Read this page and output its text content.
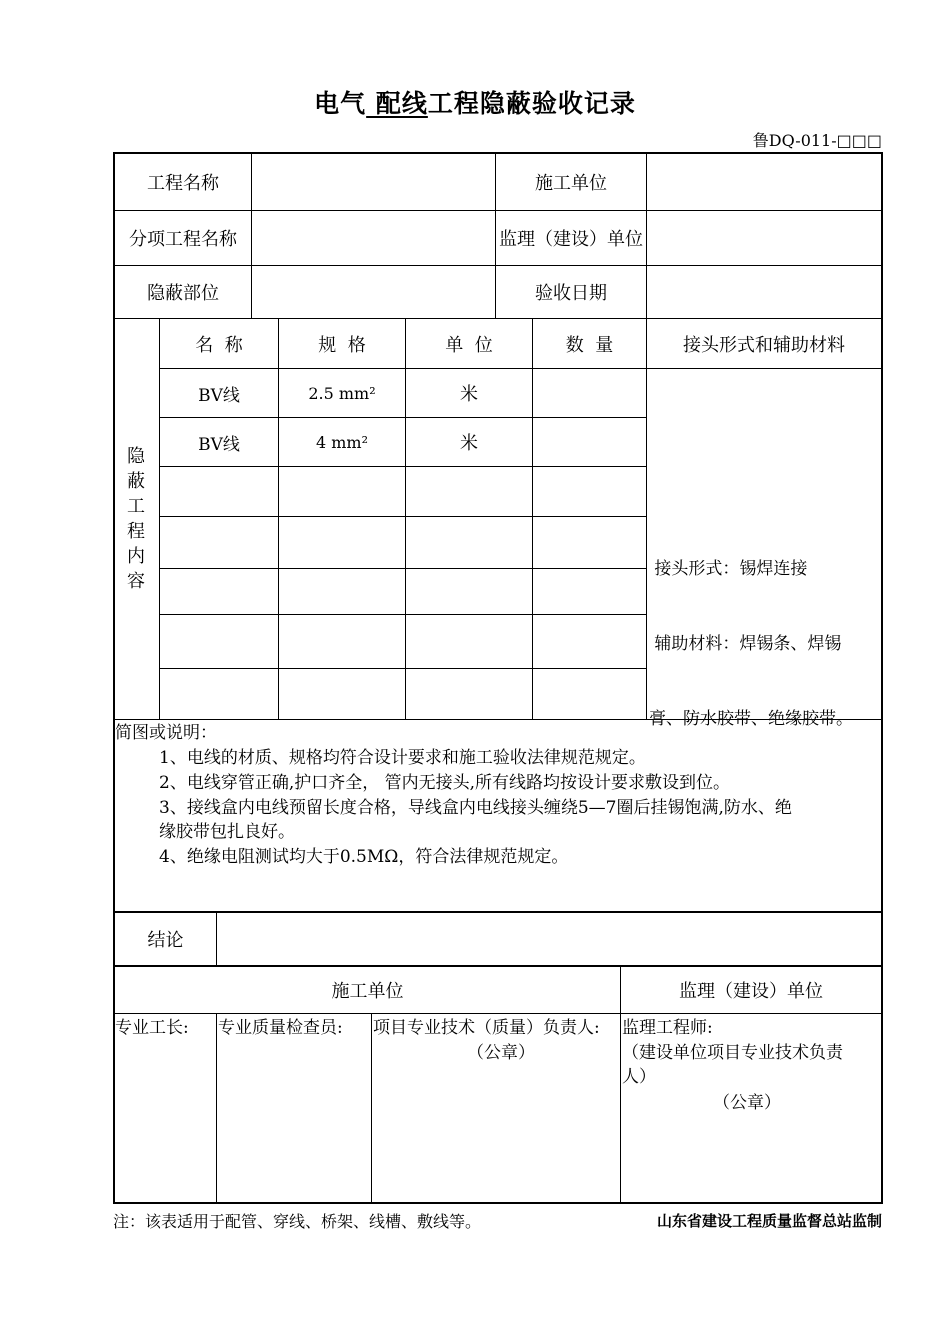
电气 配线工程隐蔽验收记录
鲁DQ-011-□□□
工程名称	施工单位
分项工程名称	监理（建设）单位
隐蔽部位	验收日期
隐
蔽
工
程
内
容
名  称	规  格	单  位	数  量	接头形式和辅助材料
BV线	2.5 mm²	米
BV线	4 mm²	米

接头形式：锡焊连接

辅助材料：焊锡条、焊锡

膏、防水胶带、绝缘胶带。

简图或说明：
1、电线的材质、规格均符合设计要求和施工验收法律规范规定。
2、电线穿管正确,护口齐全， 管内无接头,所有线路均按设计要求敷设到位。
3、接线盒内电线预留长度合格，导线盒内电线接头缠绕5—7圈后挂锡饱满,防水、绝
缘胶带包扎良好。
4、绝缘电阻测试均大于0.5MΩ，符合法律规范规定。
结论
施工单位	监理（建设）单位
专业工长: 专业质量检查员: 项目专业技术（质量）负责人:
（公章）
监理工程师:
（建设单位项目专业技术负责
人）
（公章）
注：该表适用于配管、穿线、桥架、线槽、敷线等。	山东省建设工程质量监督总站监制
